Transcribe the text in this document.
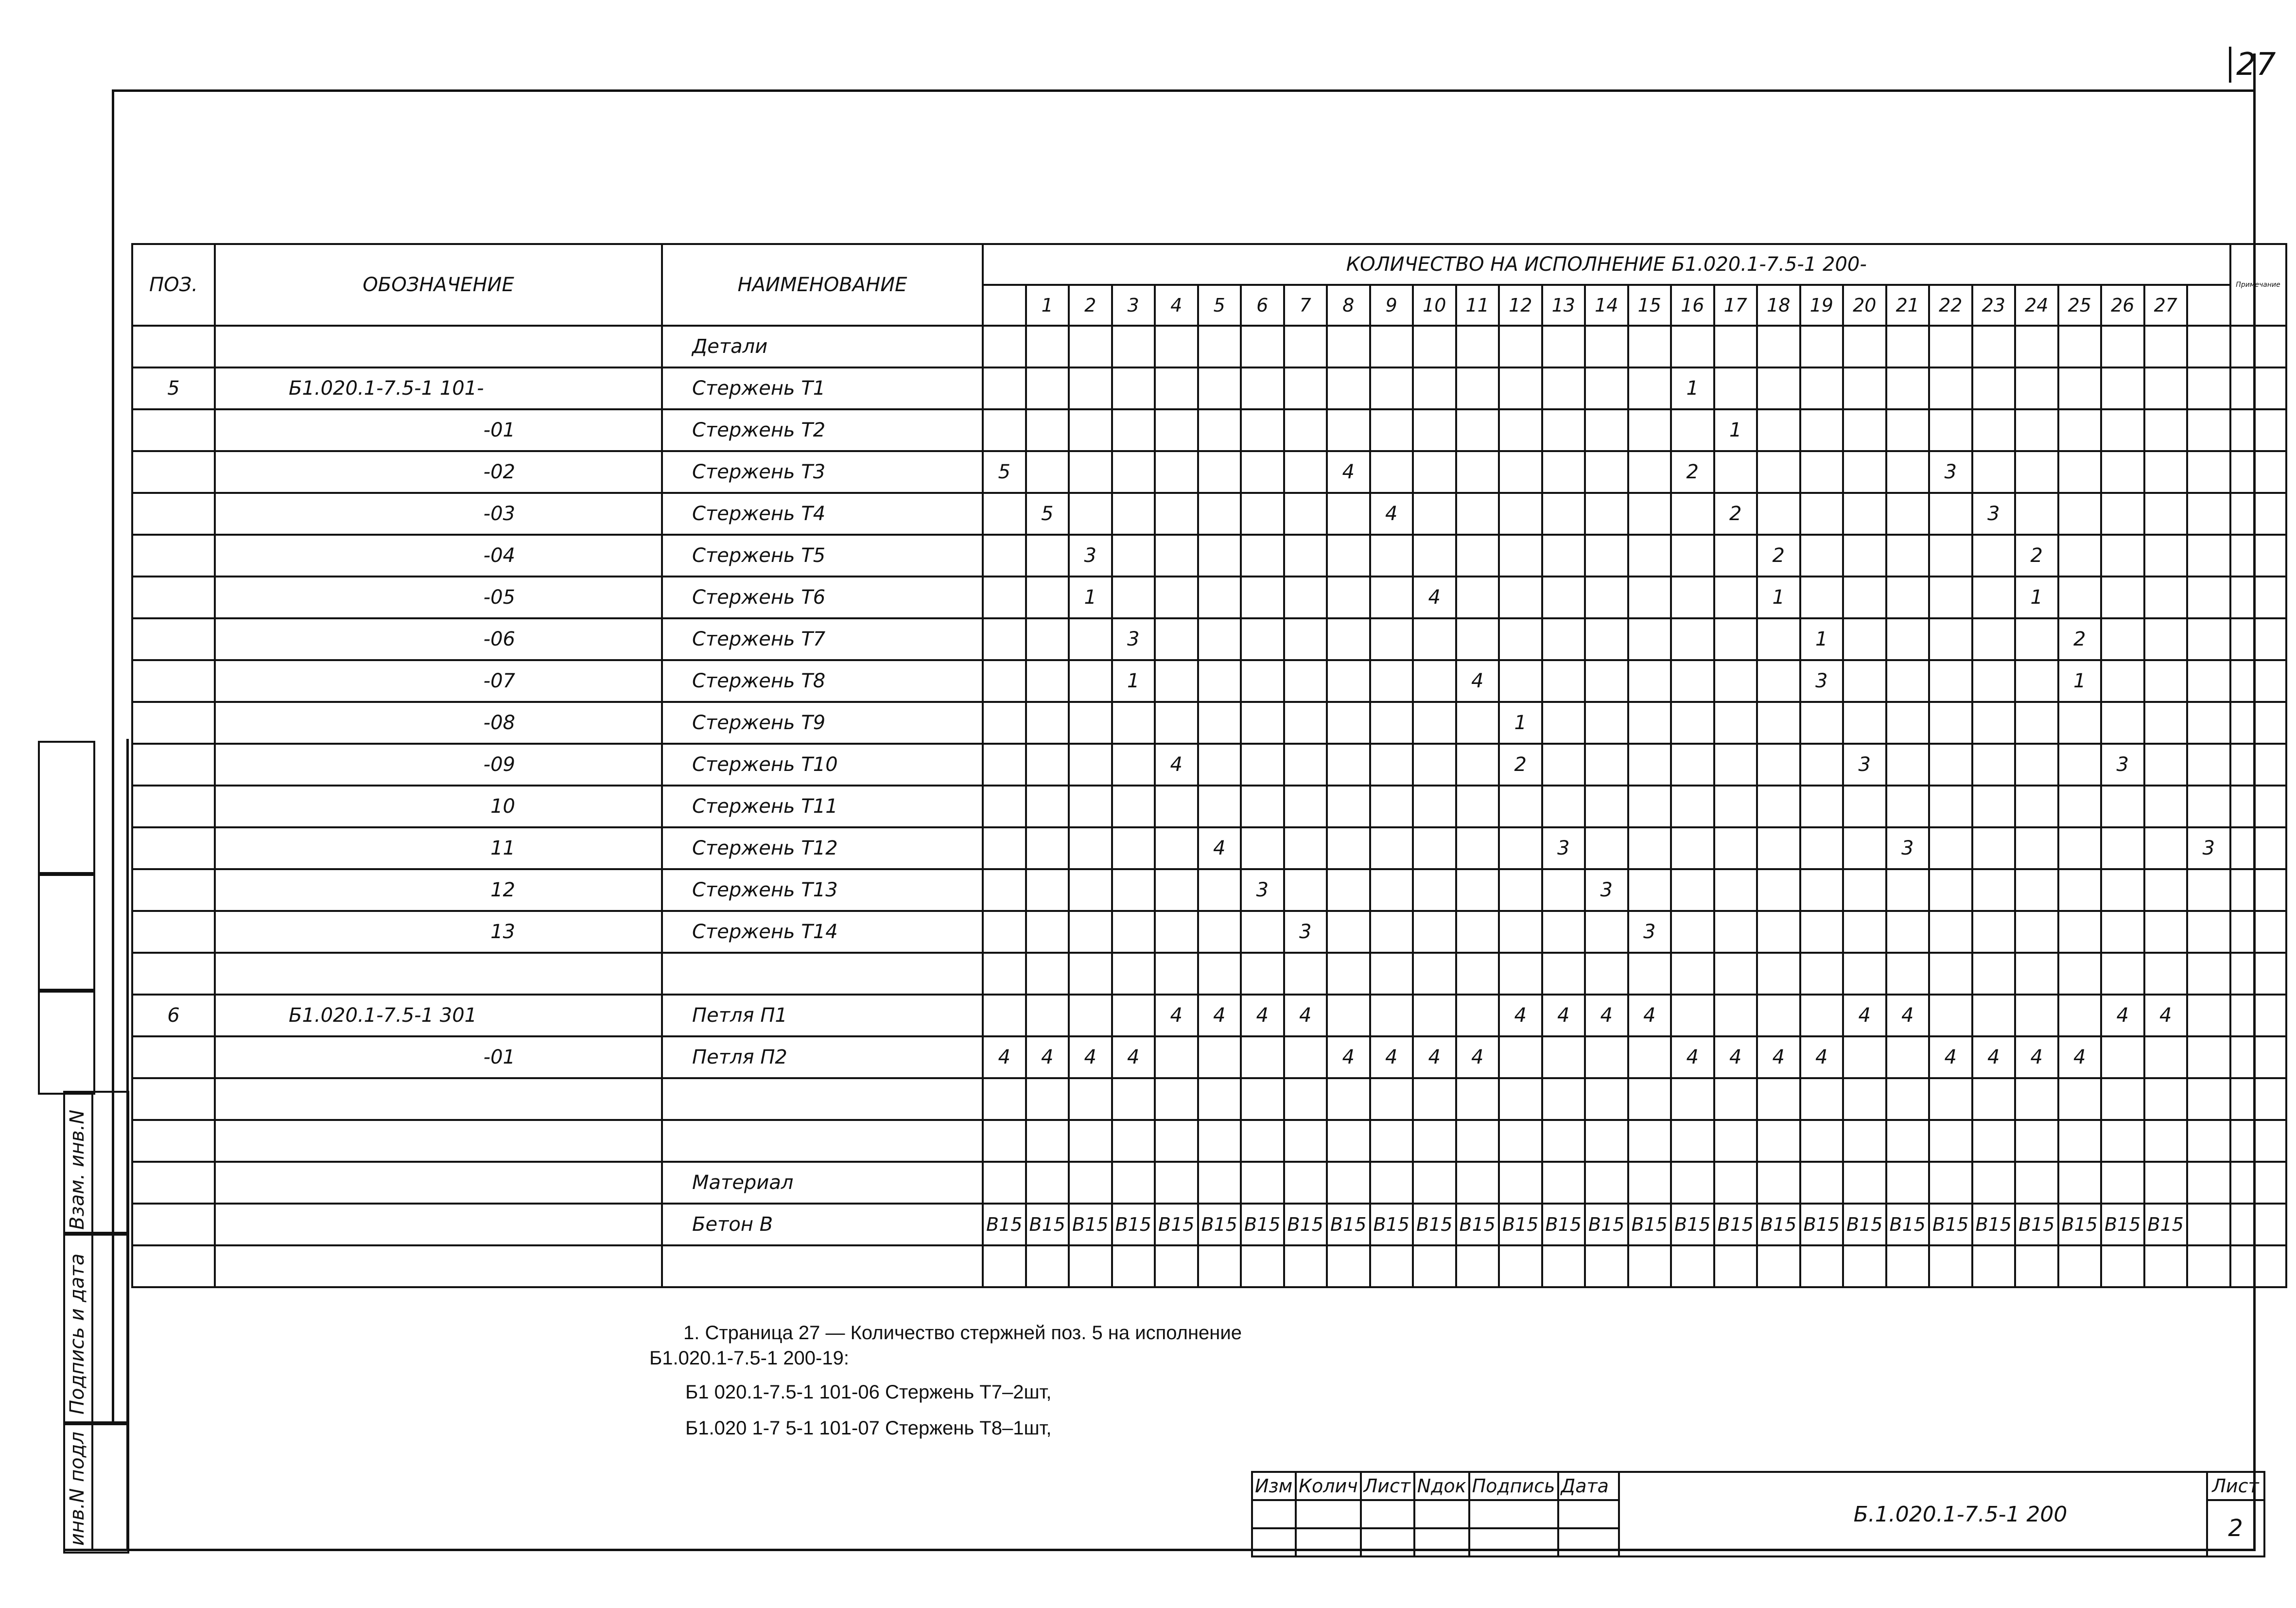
27
ПОЗ.	ОБОЗНАЧЕНИЕ	НАИМЕНОВАНИЕ	КОЛИЧЕСТВО НА ИСПОЛНЕНИЕ Б1.020.1-7.5-1 200-																													Примечание
				1	2	3	4	5	6	7	8	9	10	11	12	13	14	15	16	17	18	19	20	21	22	23	24	25	26	27		
		Детали																														
5	Б1.020.1-7.5-1 101-	Стержень Т1																	1													
	-01	Стержень Т2																		1												
	-02	Стержень Т3	5								4								2						3							
	-03	Стержень Т4		5								4								2						3						
	-04	Стержень Т5			3																2						2					
	-05	Стержень Т6			1								4								1						1					
	-06	Стержень Т7				3																1						2				
	-07	Стержень Т8				1								4								3						1				
	-08	Стержень Т9													1																	
	-09	Стержень Т10					4								2								3						3			
	10	Стержень Т11																														
	11	Стержень Т12						4								3								3							3	
	12	Стержень Т13							3								3															
	13	Стержень Т14								3								3														

6	Б1.020.1-7.5-1 301	Петля П1					4	4	4	4					4	4	4	4					4	4					4	4		
	-01	Петля П2	4	4	4	4					4	4	4	4					4	4	4	4			4	4	4	4				

		Материал																														
		Бетон В	В15	В15	В15	В15	В15	В15	В15	В15	В15	В15	В15	В15	В15	В15	В15	В15	В15	В15	В15	В15	В15	В15	В15	В15	В15	В15	В15	В15		

1. Страница 27 — Количество стержней поз. 5 на исполнение
Б1.020.1-7.5-1 200-19:
Б1 020.1-7.5-1 101-06 Стержень Т7–2шт,
Б1.020 1-7 5-1 101-07 Стержень Т8–1шт,
Изм	Колич	Лист	Nдок	Подпись	Дата	Б.1.020.1-7.5-1 200	Лист
							2

Взам. инв.N
Подпись и дата
инв.N подл
